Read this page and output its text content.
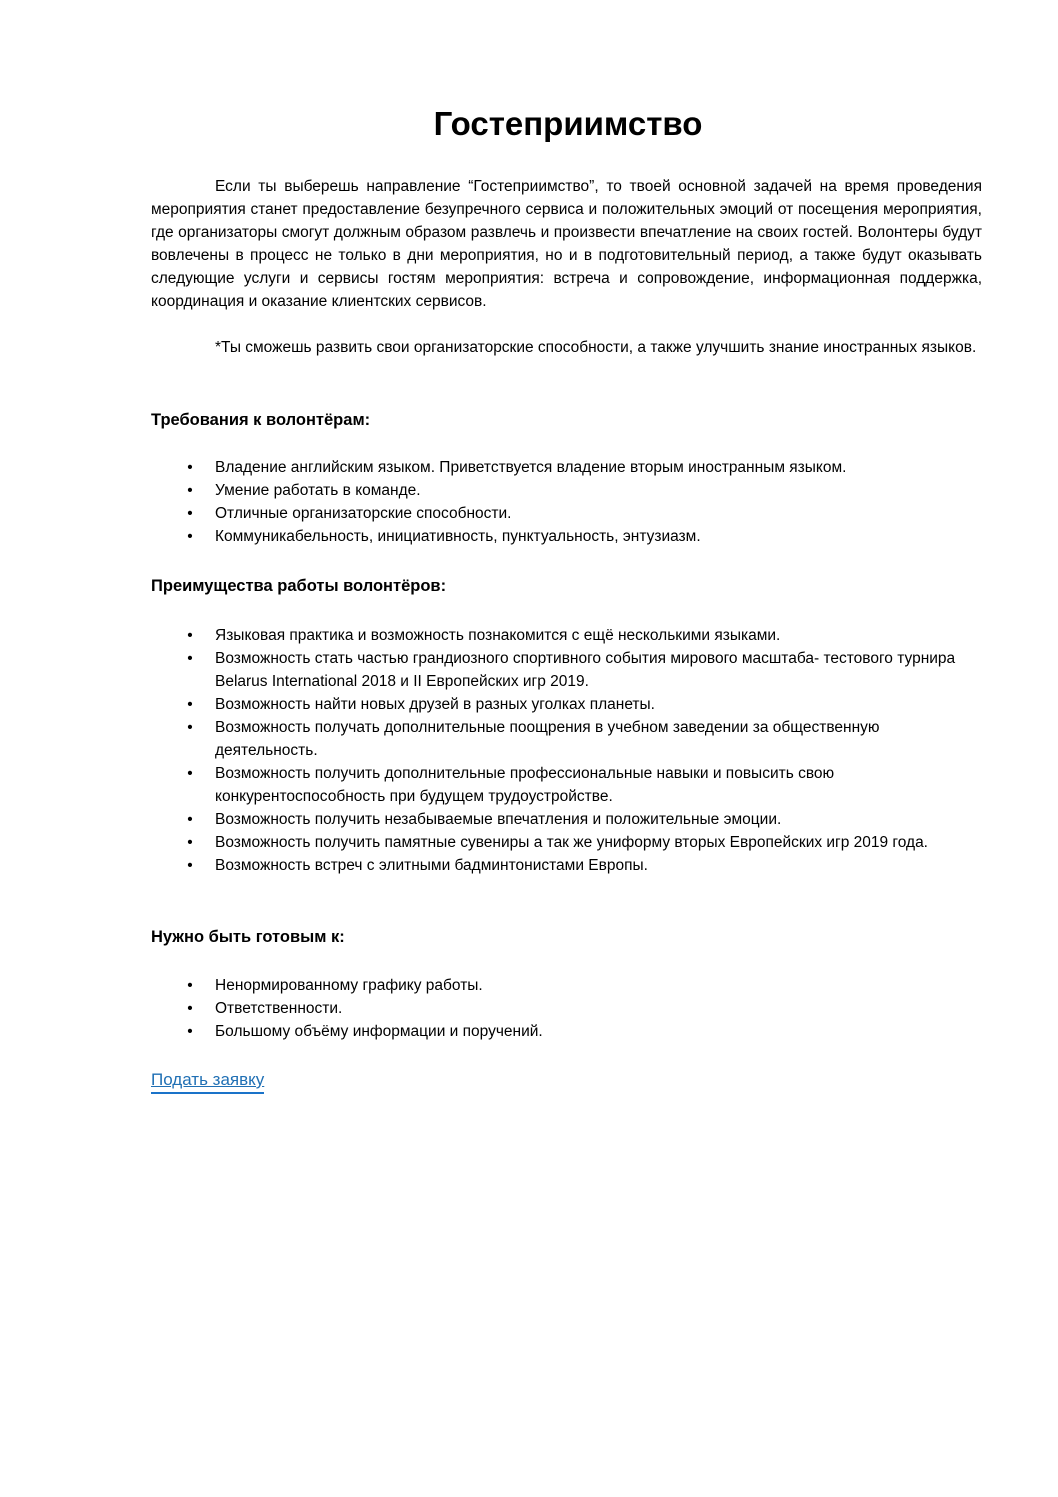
Гостеприимство

Если ты выберешь направление “Гостеприимство”, то твоей основной задачей на время проведения мероприятия станет предоставление безупречного сервиса и положительных эмоций от посещения мероприятия, где организаторы смогут должным образом развлечь и произвести впечатление на своих гостей. Волонтеры будут вовлечены в процесс не только в дни мероприятия, но и в подготовительный период, а также будут оказывать следующие услуги и сервисы гостям мероприятия: встреча и сопровождение, информационная поддержка, координация и оказание клиентских сервисов.

*Ты сможешь развить свои организаторские способности, а также улучшить знание иностранных языков.

Требования к волонтёрам:
• Владение английским языком. Приветствуется владение вторым иностранным языком.
• Умение работать в команде.
• Отличные организаторские способности.
• Коммуникабельность, инициативность, пунктуальность, энтузиазм.
Преимущества работы волонтёров:
• Языковая практика и возможность познакомится с ещё несколькими языками.
• Возможность стать частью грандиозного спортивного события мирового масштаба- тестового турнира Belarus International 2018 и II Европейских игр 2019.
• Возможность найти новых друзей в разных уголках планеты.
• Возможность получать дополнительные поощрения в учебном заведении за общественную деятельность.
• Возможность получить дополнительные профессиональные навыки и повысить свою конкурентоспособность при будущем трудоустройстве.
• Возможность получить незабываемые впечатления и положительные эмоции.
• Возможность получить памятные сувениры а так же униформу вторых Европейских игр 2019 года.
• Возможность встреч с элитными бадминтонистами Европы.
Нужно быть готовым к:
• Ненормированному графику работы.
• Ответственности.
• Большому объёму информации и поручений.
Подать заявку
